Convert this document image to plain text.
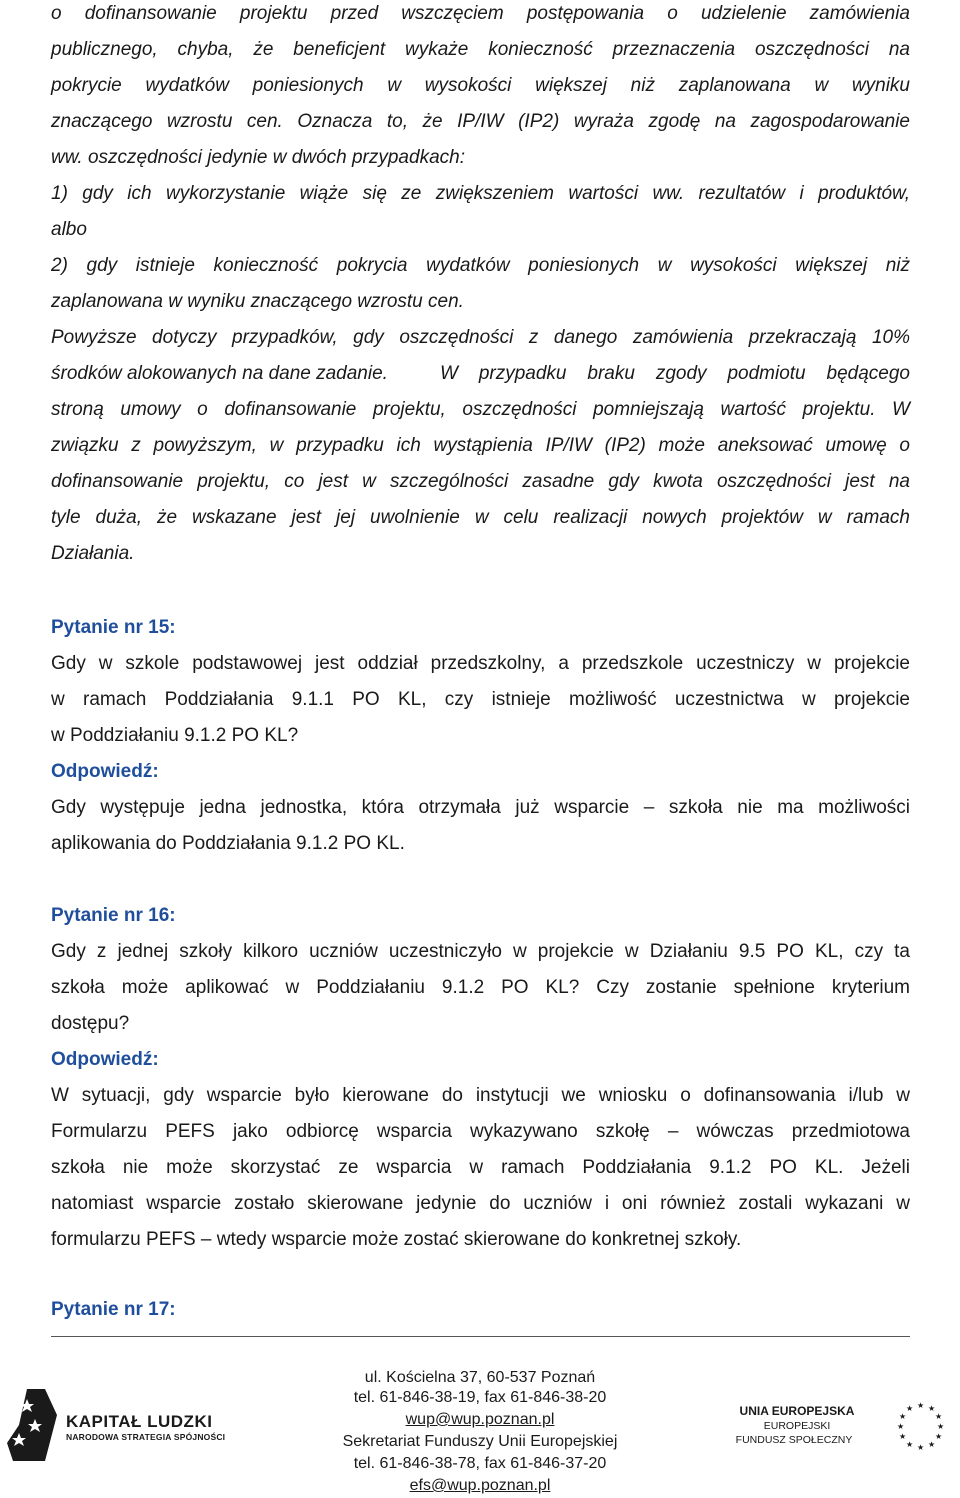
o dofinansowanie projektu przed wszczęciem postępowania o udzielenie zamówienia
publicznego, chyba, że beneficjent wykaże konieczność przeznaczenia oszczędności na
pokrycie wydatków poniesionych w wysokości większej niż zaplanowana w wyniku
znaczącego wzrostu cen. Oznacza to, że IP/IW (IP2) wyraża zgodę na zagospodarowanie
ww. oszczędności jedynie w dwóch przypadkach:
1) gdy ich wykorzystanie wiąże się ze zwiększeniem wartości ww. rezultatów i produktów,
albo
2) gdy istnieje konieczność pokrycia wydatków poniesionych w wysokości większej niż
zaplanowana w wyniku znaczącego wzrostu cen.
Powyższe dotyczy przypadków, gdy oszczędności z danego zamówienia przekraczają 10%
środków alokowanych na dane zadanie.	W przypadku braku zgody podmiotu będącego
stroną umowy o dofinansowanie projektu, oszczędności pomniejszają wartość projektu. W
związku z powyższym, w przypadku ich wystąpienia IP/IW (IP2) może aneksować umowę o
dofinansowanie projektu, co jest w szczególności zasadne gdy kwota oszczędności jest na
tyle duża, że wskazane jest jej uwolnienie w celu realizacji nowych projektów w ramach
Działania.
Pytanie nr 15:
Gdy w szkole podstawowej jest oddział przedszkolny, a przedszkole uczestniczy w projekcie
w ramach Poddziałania 9.1.1 PO KL, czy istnieje możliwość uczestnictwa w projekcie
w Poddziałaniu 9.1.2 PO KL?
Odpowiedź:
Gdy występuje jedna jednostka, która otrzymała już wsparcie – szkoła nie ma możliwości
aplikowania do Poddziałania 9.1.2 PO KL.
Pytanie nr 16:
Gdy z jednej szkoły kilkoro uczniów uczestniczyło w projekcie w Działaniu 9.5 PO KL, czy ta
szkoła może aplikować w Poddziałaniu 9.1.2 PO KL? Czy zostanie spełnione kryterium
dostępu?
Odpowiedź:
W sytuacji, gdy wsparcie było kierowane do instytucji we wniosku o dofinansowania i/lub w
Formularzu PEFS jako odbiorcę wsparcia wykazywano szkołę – wówczas przedmiotowa
szkoła nie może skorzystać ze wsparcia w ramach Poddziałania 9.1.2 PO KL. Jeżeli
natomiast wsparcie zostało skierowane jedynie do uczniów i oni również zostali wykazani w
formularzu PEFS – wtedy wsparcie może zostać skierowane do konkretnej szkoły.
Pytanie nr 17:
KAPITAŁ LUDZKI
NARODOWA STRATEGIA SPÓJNOŚCI
ul. Kościelna 37, 60-537 Poznań
tel. 61-846-38-19, fax 61-846-38-20
wup@wup.poznan.pl
Sekretariat Funduszy Unii Europejskiej
tel. 61-846-38-78, fax 61-846-37-20
efs@wup.poznan.pl
UNIA EUROPEJSKA
EUROPEJSKI
FUNDUSZ SPOŁECZNY
★ ★
★
★
★
★
★
★
★
★
★
★
